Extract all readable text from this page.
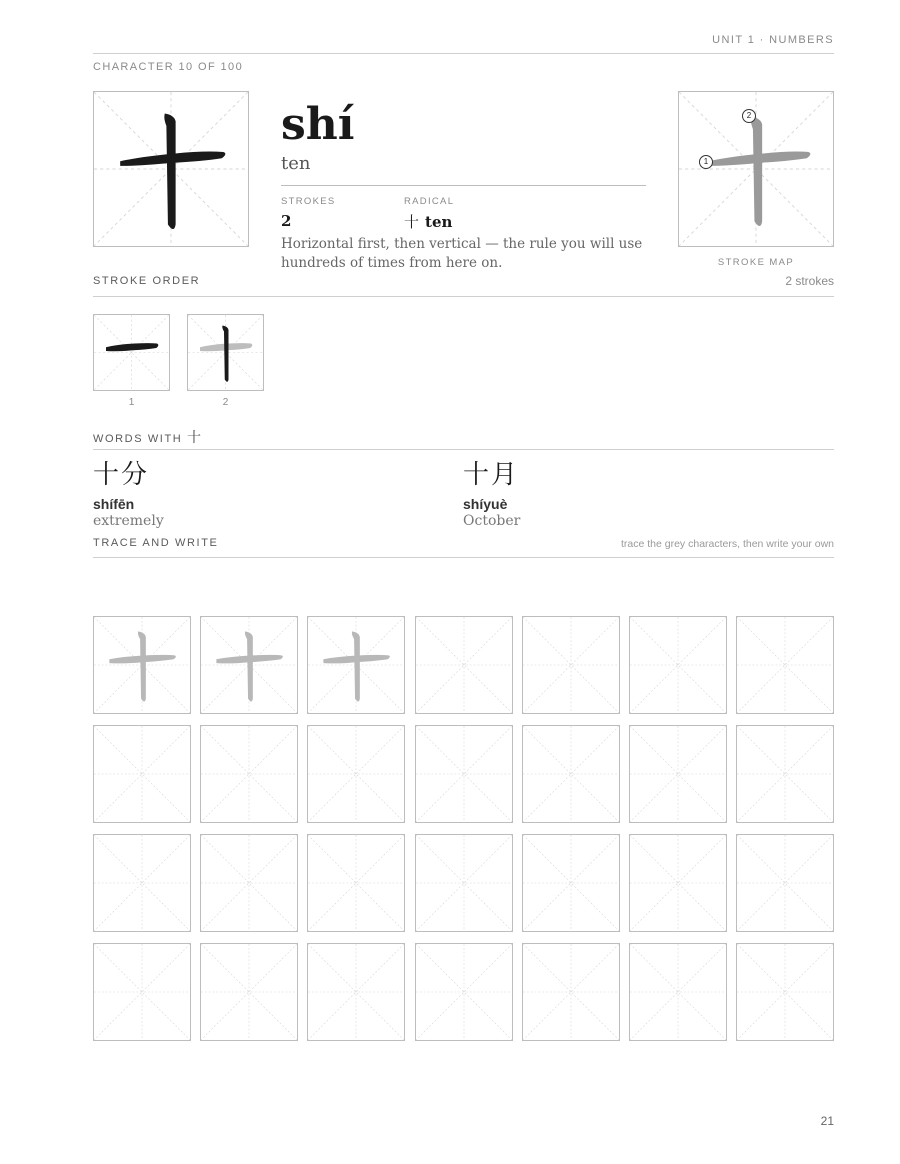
UNIT 1 · NUMBERS
CHARACTER 10 OF 100
shí
ten
STROKES
2
RADICAL
十 ten
Horizontal first, then vertical — the rule you will use hundreds of times from here on.
1
2
STROKE MAP
2 strokes
STROKE ORDER
1	2
WORDS WITH 十
十分
shífēn
extremely
十月
shíyuè
October
TRACE AND WRITE	trace the grey characters, then write your own
21
